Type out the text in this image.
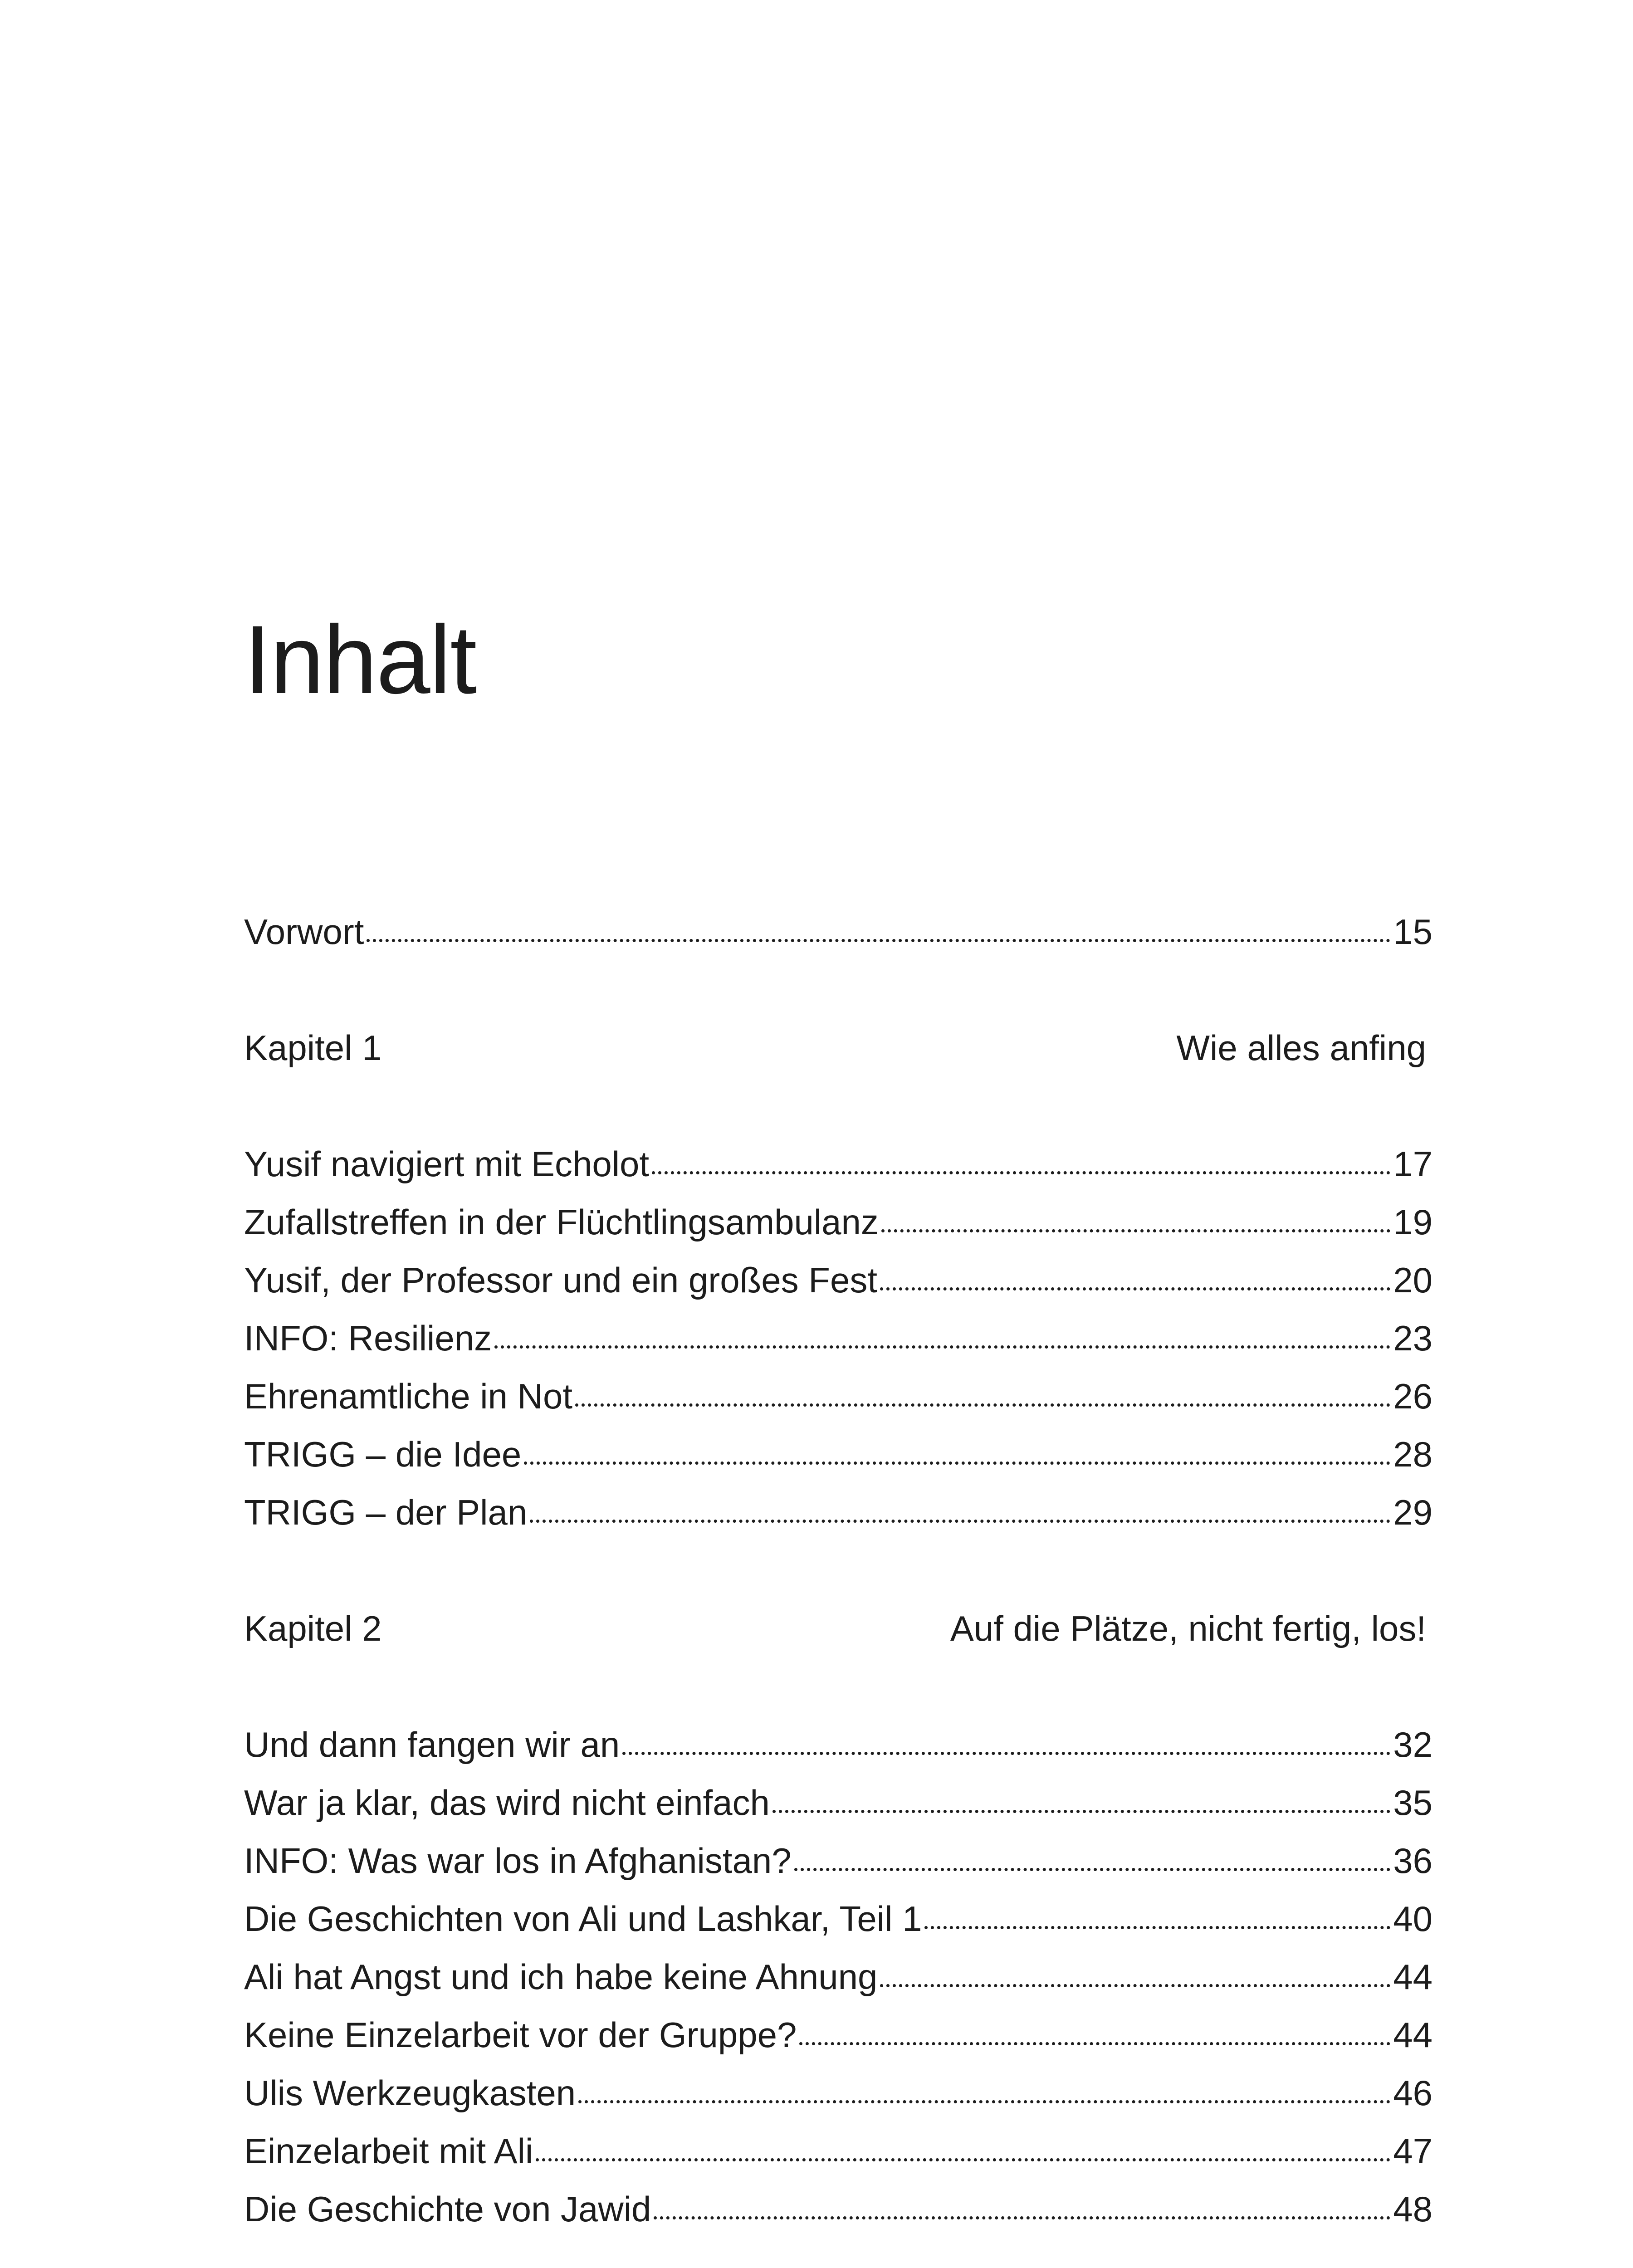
Inhalt
Vorwort	15
Kapitel 1	Wie alles anfing
Yusif navigiert mit Echolot	17
Zufallstreffen in der Flüchtlingsambulanz	19
Yusif, der Professor und ein großes Fest	20
INFO: Resilienz	23
Ehrenamtliche in Not	26
TRIGG – die Idee	28
TRIGG – der Plan	29
Kapitel 2	Auf die Plätze, nicht fertig, los!
Und dann fangen wir an	32
War ja klar, das wird nicht einfach	35
INFO: Was war los in Afghanistan?	36
Die Geschichten von Ali und Lashkar, Teil 1	40
Ali hat Angst und ich habe keine Ahnung	44
Keine Einzelarbeit vor der Gruppe?	44
Ulis Werkzeugkasten	46
Einzelarbeit mit Ali	47
Die Geschichte von Jawid	48
